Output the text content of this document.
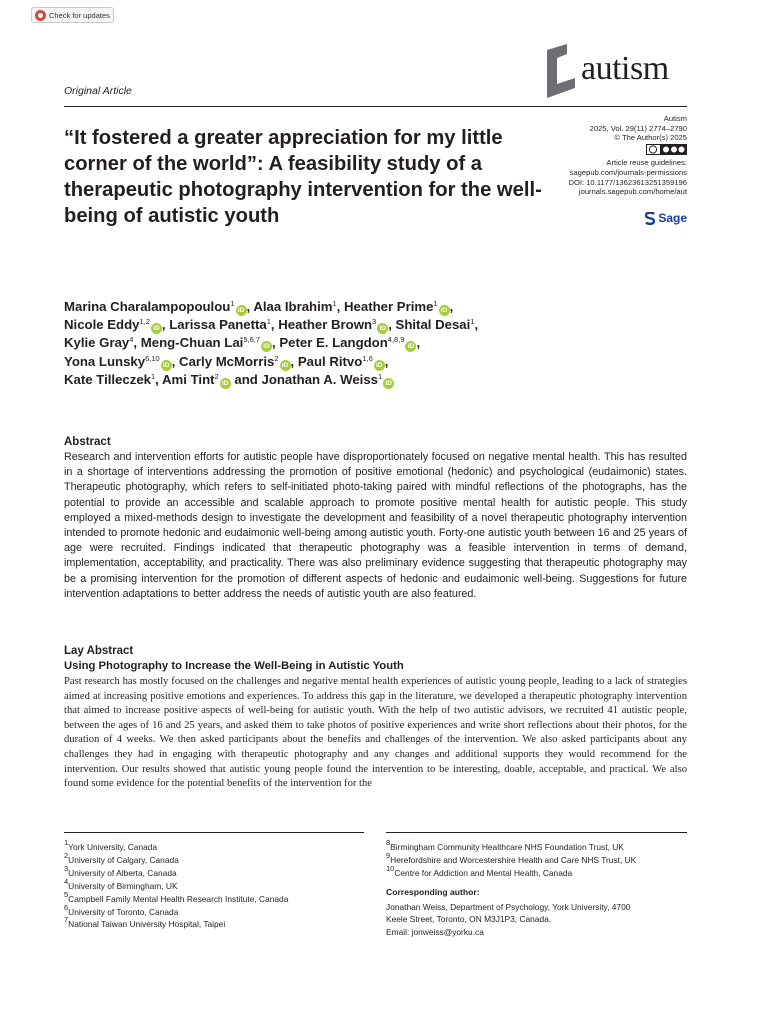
Check for updates
Original Article
autism
Autism
2025, Vol. 29(11) 2774–2790
© The Author(s) 2025
Article reuse guidelines:
sagepub.com/journals-permissions
DOI: 10.1177/13623613251359196
journals.sagepub.com/home/aut
Sage
“It fostered a greater appreciation for my little corner of the world”: A feasibility study of a therapeutic photography intervention for the well-being of autistic youth
Marina Charalampopoulou$^1$iD , Alaa Ibrahim$^1$, Heather Prime$^1$iD ,
Nicole Eddy$^{1,2}$iD , Larissa Panetta$^1$, Heather Brown$^3$iD , Shital Desai$^1$,
Kylie Gray$^4$, Meng-Chuan Lai$^{5,6,7}$iD , Peter E. Langdon$^{4,8,9}$iD ,
Yona Lunsky$^{6,10}$iD , Carly McMorris$^2$iD , Paul Ritvo$^{1,6}$iD ,
Kate Tilleczek$^1$, Ami Tint$^2$iD and Jonathan A. Weiss$^1$iD
Abstract
Research and intervention efforts for autistic people have disproportionately focused on negative mental health. This has resulted in a shortage of interventions addressing the promotion of positive emotional (hedonic) and psychological (eudaimonic) states. Therapeutic photography, which refers to self-initiated photo-taking paired with mindful reflections of the photographs, has the potential to provide an accessible and scalable approach to promote positive mental health for autistic people. This study employed a mixed-methods design to investigate the development and feasibility of a novel therapeutic photography intervention intended to promote hedonic and eudaimonic well-being among autistic youth. Forty-one autistic youth between 16 and 25 years of age were recruited. Findings indicated that therapeutic photography was a feasible intervention in terms of demand, implementation, acceptability, and practicality. There was also preliminary evidence suggesting that therapeutic photography may be a promising intervention for the promotion of different aspects of hedonic and eudaimonic well-being. Suggestions for future intervention adaptations to better address the needs of autistic youth are also featured.
Lay Abstract
Using Photography to Increase the Well-Being in Autistic Youth
Past research has mostly focused on the challenges and negative mental health experiences of autistic young people, leading to a lack of strategies aimed at increasing positive emotions and experiences. To address this gap in the literature, we developed a therapeutic photography intervention that aimed to increase positive aspects of well-being for autistic youth. With the help of two autistic advisors, we recruited 41 autistic people, between the ages of 16 and 25 years, and asked them to take photos of positive experiences and write short reflections about their photos, for the duration of 4 weeks. We then asked participants about the benefits and challenges of the intervention. We also asked participants about any challenges they had in engaging with therapeutic photography and any changes and additional supports they would recommend for the intervention. Our results showed that autistic young people found the intervention to be interesting, doable, acceptable, and practical. We also found some evidence for the potential benefits of the intervention for the
$^1$York University, Canada
$^2$University of Calgary, Canada
$^3$University of Alberta, Canada
$^4$University of Birmingham, UK
$^5$Campbell Family Mental Health Research Institute, Canada
$^6$University of Toronto, Canada
$^7$National Taiwan University Hospital, Taipei
$^8$Birmingham Community Healthcare NHS Foundation Trust, UK
$^9$Herefordshire and Worcestershire Health and Care NHS Trust, UK
$^{10}$Centre for Addiction and Mental Health, Canada
Corresponding author:
Jonathan Weiss, Department of Psychology, York University, 4700
Keele Street, Toronto, ON M3J1P3, Canada.
Email: jonweiss@yorku.ca
